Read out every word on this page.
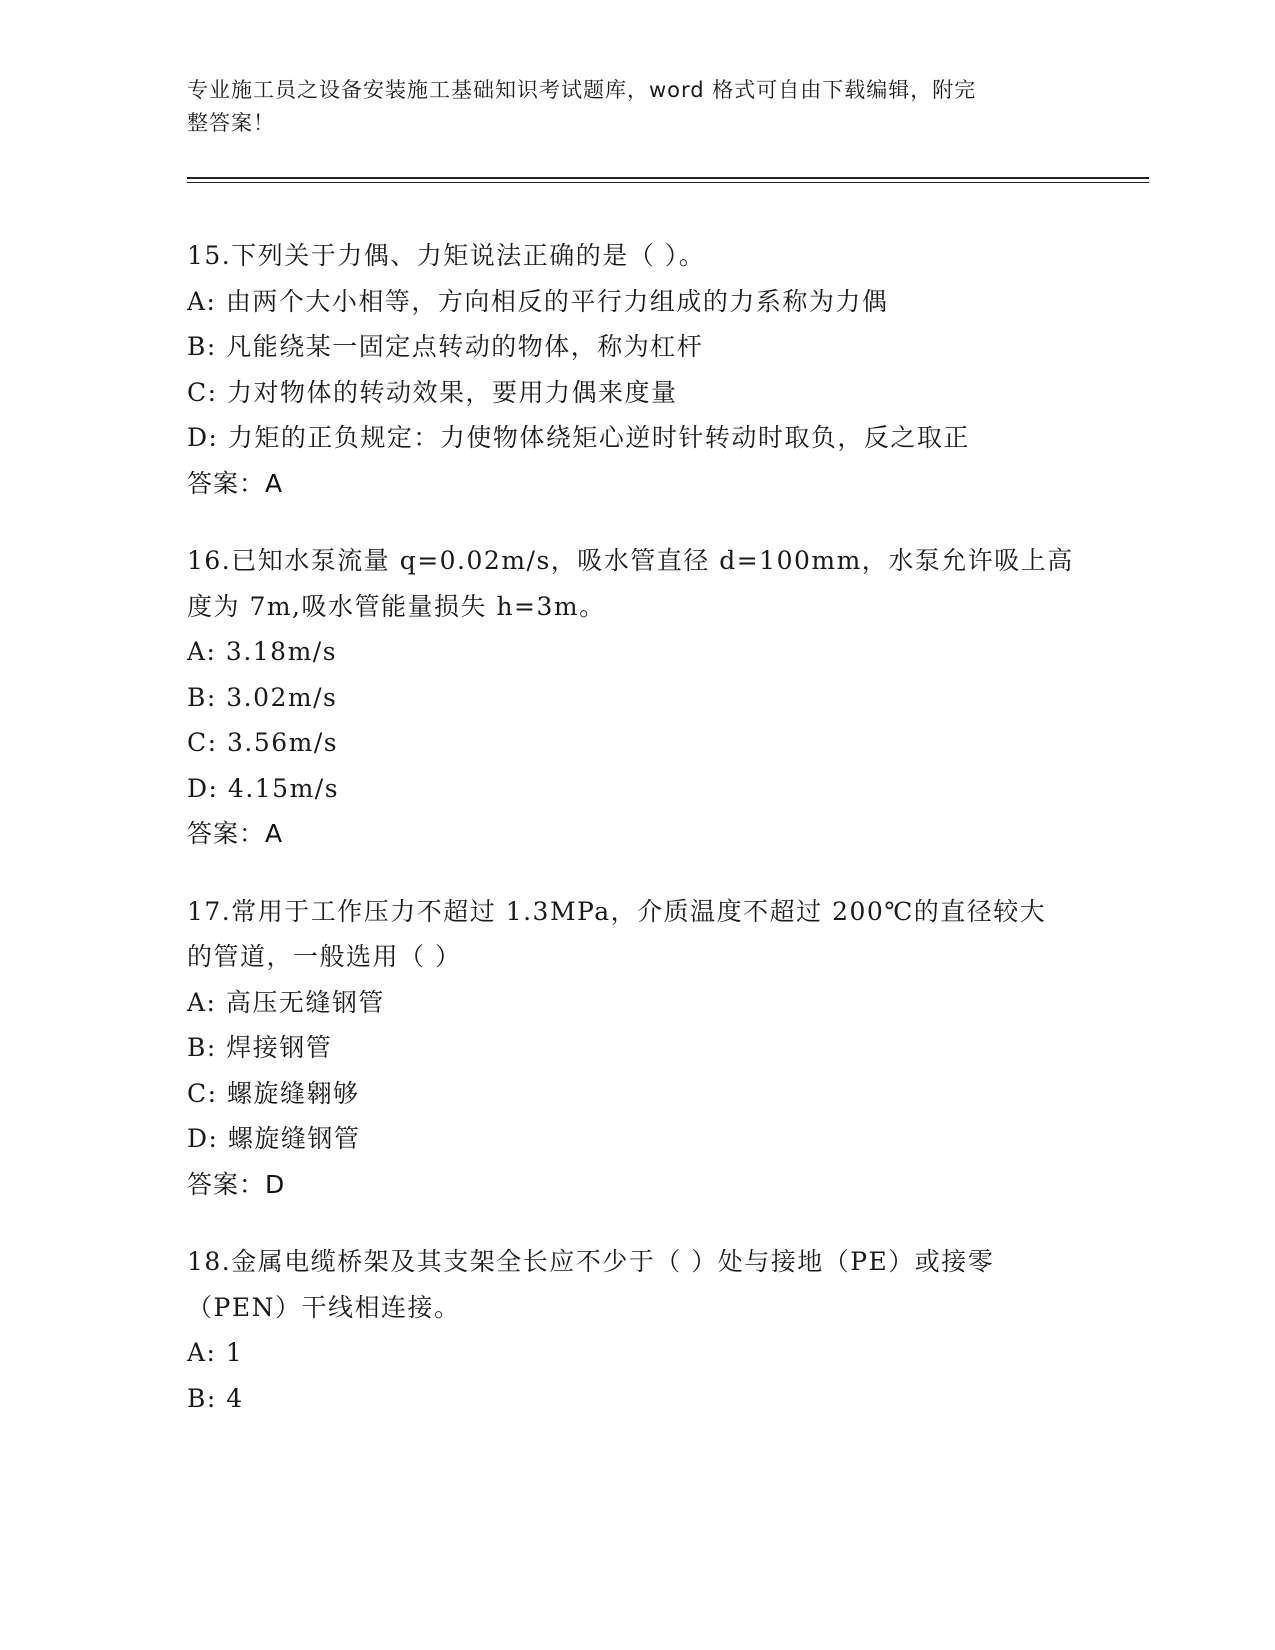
专业施工员之设备安装施工基础知识考试题库，word 格式可自由下载编辑，附完
整答案！
15.下列关于力偶、力矩说法正确的是（ ）。
A: 由两个大小相等，方向相反的平行力组成的力系称为力偶
B: 凡能绕某一固定点转动的物体，称为杠杆
C: 力对物体的转动效果，要用力偶来度量
D: 力矩的正负规定：力使物体绕矩心逆时针转动时取负，反之取正
答案：A
16.已知水泵流量 q=0.02m/s，吸水管直径 d=100mm，水泵允许吸上高
度为 7m,吸水管能量损失 h=3m。
A: 3.18m/s
B: 3.02m/s
C: 3.56m/s
D: 4.15m/s
答案：A
17.常用于工作压力不超过 1.3MPa，介质温度不超过 200℃的直径较大
的管道，一般选用（ ）
A: 高压无缝钢管
B: 焊接钢管
C: 螺旋缝翱够
D: 螺旋缝钢管
答案：D
18.金属电缆桥架及其支架全长应不少于（ ）处与接地（PE）或接零
（PEN）干线相连接。
A: 1
B: 4
